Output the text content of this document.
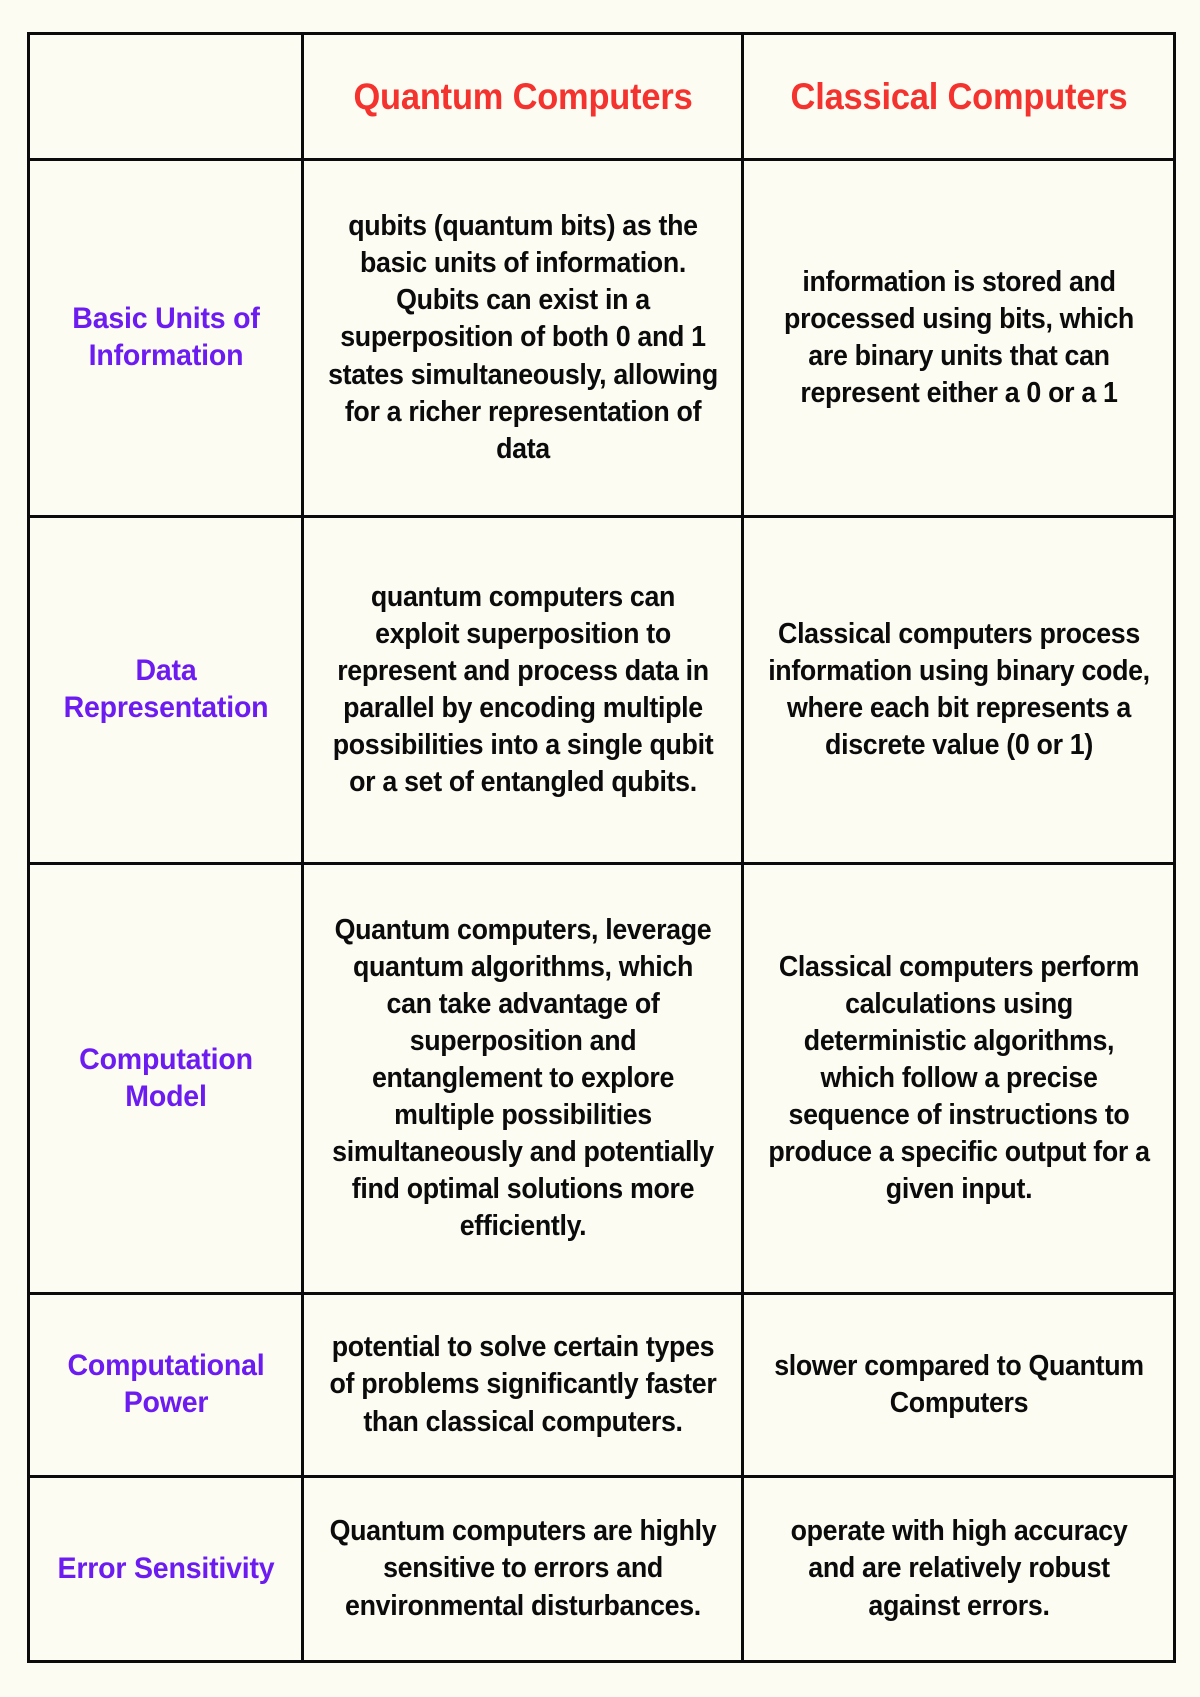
	Quantum Computers	Classical Computers
Basic Units of Information	qubits (quantum bits) as the basic units of information. Qubits can exist in a superposition of both 0 and 1 states simultaneously, allowing for a richer representation of data	information is stored and processed using bits, which are binary units that can represent either a 0 or a 1
Data Representation	quantum computers can exploit superposition to represent and process data in parallel by encoding multiple possibilities into a single qubit or a set of entangled qubits.	Classical computers process information using binary code, where each bit represents a discrete value (0 or 1)
Computation Model	Quantum computers, leverage quantum algorithms, which can take advantage of superposition and entanglement to explore multiple possibilities simultaneously and potentially find optimal solutions more efficiently.	Classical computers perform calculations using deterministic algorithms, which follow a precise sequence of instructions to produce a specific output for a given input.
Computational Power	potential to solve certain types of problems significantly faster than classical computers.	slower compared to Quantum Computers
Error Sensitivity	Quantum computers are highly sensitive to errors and environmental disturbances.	operate with high accuracy and are relatively robust against errors.
